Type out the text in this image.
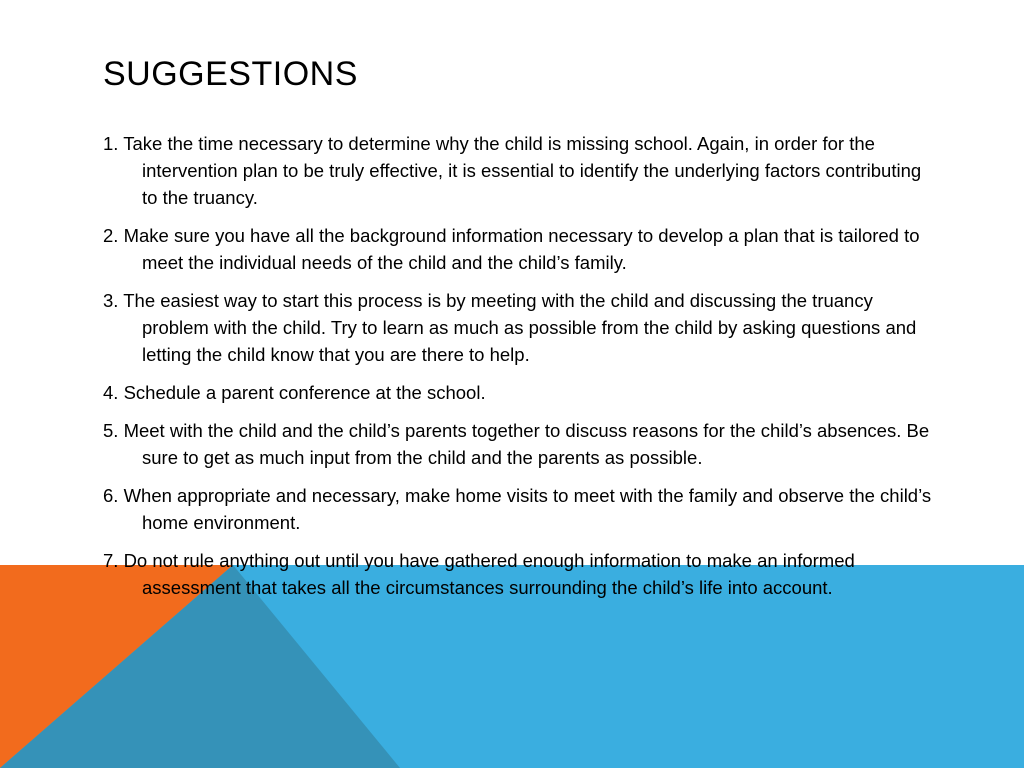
SUGGESTIONS
1. Take the time necessary to determine why the child is missing school. Again, in order for the intervention plan to be truly effective, it is essential to identify the underlying factors contributing to the truancy.
2. Make sure you have all the background information necessary to develop a plan that is tailored to meet the individual needs of the child and the child’s family.
3. The easiest way to start this process is by meeting with the child and discussing the truancy problem with the child. Try to learn as much as possible from the child by asking questions and letting the child know that you are there to help.
4. Schedule a parent conference at the school.
5. Meet with the child and the child’s parents together to discuss reasons for the child’s absences. Be sure to get as much input from the child and the parents as possible.
6. When appropriate and necessary, make home visits to meet with the family and observe the child’s home environment.
7. Do not rule anything out until you have gathered enough information to make an informed assessment that takes all the circumstances surrounding the child’s life into account.
